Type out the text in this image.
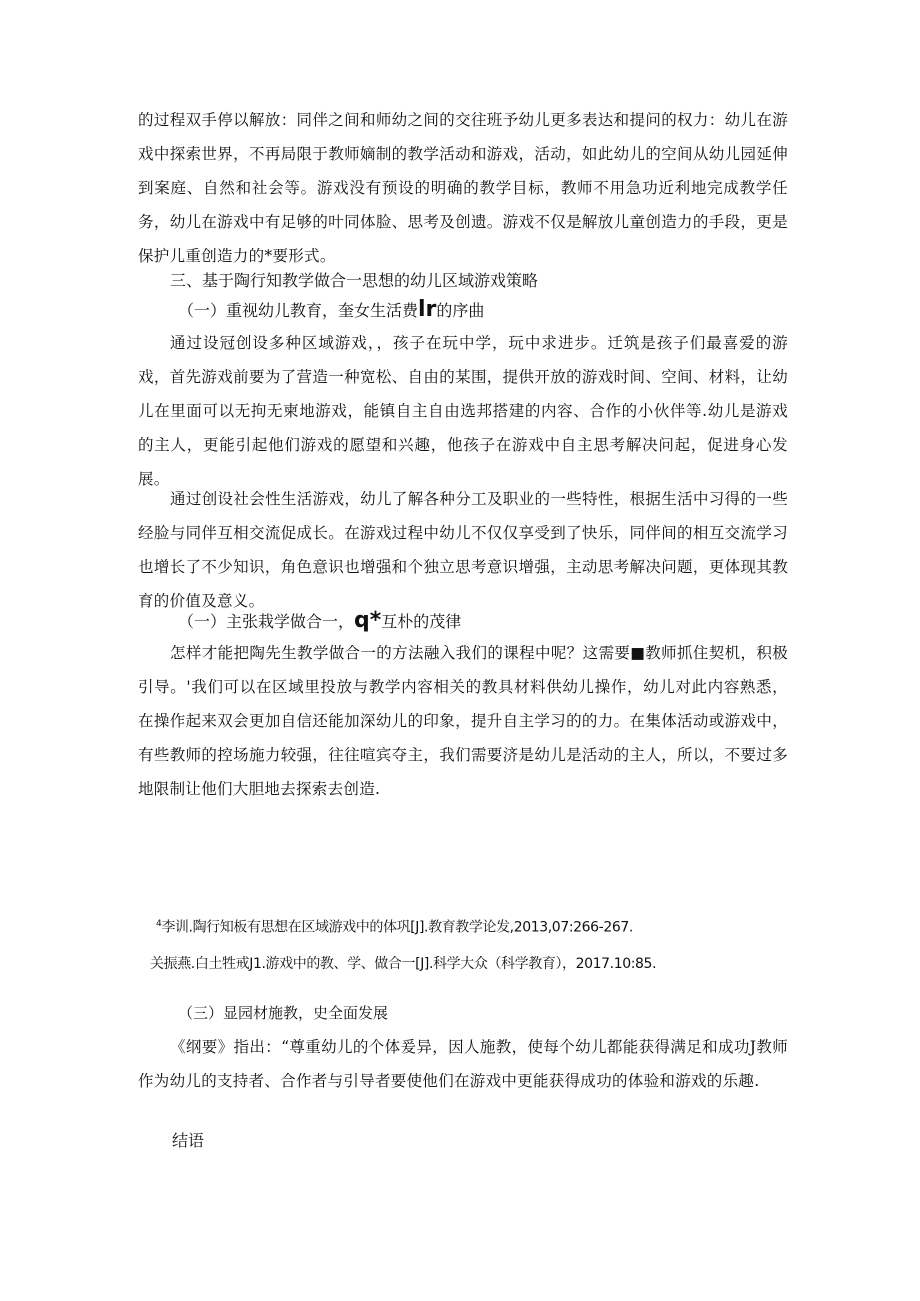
的过程双手停以解放：同伴之间和师幼之间的交往班予幼儿更多表达和提问的权力：幼儿在游戏中探索世界，不再局限于教师嫡制的教学活动和游戏，活动，如此幼儿的空间从幼儿园延伸到案庭、自然和社会等。游戏没有预设的明确的教学目标，教师不用急功近利地完成教学任务，幼儿在游戏中有足够的叶同体脸、思考及创遗。游戏不仅是解放儿童创造力的手段，更是保护儿重创造力的*要形式。

三、基于陶行知教学做合一思想的幼儿区域游戏策略

（一）重视幼儿教育，奎女生活费lr的序曲

通过设冠创设多种区域游戏，，孩子在玩中学，玩中求进步。迁筑是孩子们最喜爱的游戏，首先游戏前要为了营造一种宽松、自由的某围，提供开放的游戏时间、空间、材料，让幼儿在里面可以无拘无柬地游戏，能镇自主自由选邦搭建的内容、合作的小伙伴等.幼儿是游戏的主人，更能引起他们游戏的愿望和兴趣，他孩子在游戏中自主思考解决问起，促进身心发展。

通过创设社会性生活游戏，幼儿了解各种分工及职业的一些特性，根据生活中习得的一些经脸与同伴互相交流促成长。在游戏过程中幼儿不仅仅享受到了快乐，同伴间的相互交流学习也增长了不少知识，角色意识也增强和个独立思考意识增强，主动思考解决问题，更体现其教育的价值及意义。

（一）主张栽学做合一，q*互朴的茂律

怎样才能把陶先生教学做合一的方法融入我们的课程中呢？这需要■教师抓住契机，积极引导。'我们可以在区域里投放与教学内容相关的教具材料供幼儿操作，幼儿对此内容熟悉，在操作起来双会更加自信还能加深幼儿的印象，提升自主学习的的力。在集体活动或游戏中，有些教师的控场施力较强，往往喧宾夺主，我们需要济是幼儿是活动的主人，所以，不要过多地限制让他们大胆地去探索去创造.

$^4$李训.陶行知板有思想在区域游戏中的体巩[J].教育教学论发,2013,07:266-267.

关振燕.白土牲戒J1.游戏中的教、学、做合一[J].科学大众（科学教育），2017.10:85.

（三）显园材施教，史全面发展

《纲要》指出：“尊重幼儿的个体爰异，因人施教，使每个幼儿都能获得满足和成功J教师作为幼儿的支持者、合作者与引导者要使他们在游戏中更能获得成功的体验和游戏的乐趣.

结语
